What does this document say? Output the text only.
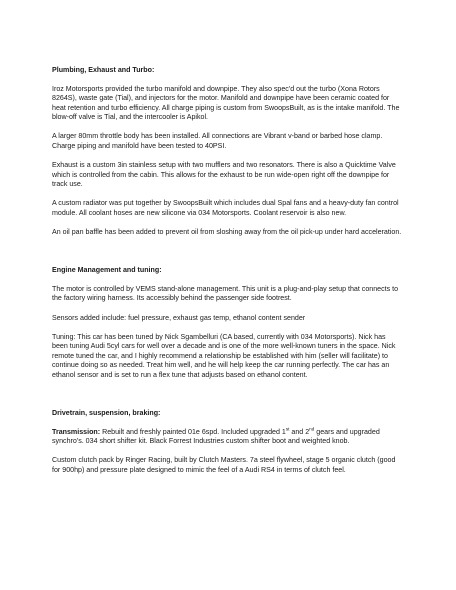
Plumbing, Exhaust and Turbo:

Iroz Motorsports provided the turbo manifold and downpipe. They also spec'd out the turbo (Xona Rotors 8264S), waste gate (Tial), and injectors for the motor. Manifold and downpipe have been ceramic coated for heat retention and turbo efficiency. All charge piping is custom from SwoopsBuilt, as is the intake manifold. The blow-off valve is Tial, and the intercooler is Apikol.

A larger 80mm throttle body has been installed. All connections are Vibrant v-band or barbed hose clamp. Charge piping and manifold have been tested to 40PSI.

Exhaust is a custom 3in stainless setup with two mufflers and two resonators. There is also a Quicktime Valve which is controlled from the cabin. This allows for the exhaust to be run wide-open right off the downpipe for track use.

A custom radiator was put together by SwoopsBuilt which includes dual Spal fans and a heavy-duty fan control module. All coolant hoses are new silicone via 034 Motorsports. Coolant reservoir is also new.

An oil pan baffle has been added to prevent oil from sloshing away from the oil pick-up under hard acceleration.

Engine Management and tuning:

The motor is controlled by VEMS stand-alone management. This unit is a plug-and-play setup that connects to the factory wiring harness. Its accessibly behind the passenger side footrest.

Sensors added include: fuel pressure, exhaust gas temp, ethanol content sender

Tuning: This car has been tuned by Nick Sgambelluri (CA based, currently with 034 Motorsports). Nick has been tuning Audi 5cyl cars for well over a decade and is one of the more well-known tuners in the space. Nick remote tuned the car, and I highly recommend a relationship be established with him (seller will facilitate) to continue doing so as needed. Treat him well, and he will help keep the car running perfectly. The car has an ethanol sensor and is set to run a flex tune that adjusts based on ethanol content.

Drivetrain, suspension, braking:

Transmission: Rebuilt and freshly painted 01e 6spd. Included upgraded 1st and 2nd gears and upgraded synchro's. 034 short shifter kit. Black Forrest Industries custom shifter boot and weighted knob.

Custom clutch pack by Ringer Racing, built by Clutch Masters. 7a steel flywheel, stage 5 organic clutch (good for 900hp) and pressure plate designed to mimic the feel of a Audi RS4 in terms of clutch feel.
